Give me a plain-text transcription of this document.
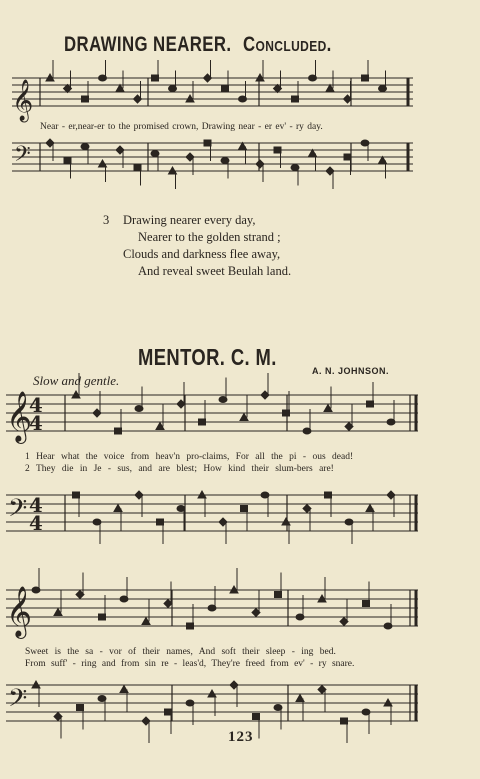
DRAWING NEARER. Concluded.
𝄞
𝄢
𝄞
4
4
𝄢 4
4
𝄞
𝄢
Near - er,near-er to the promised crown, Drawing near - er ev' - ry day.
3 Drawing nearer every day,
Nearer to the golden strand ;
Clouds and darkness flee away,
And reveal sweet Beulah land.
MENTOR. C. M.
A. N. JOHNSON.
Slow and gentle.
1 Hear what the voice from heav'n pro-claims, For all the pi - ous dead!
2 They die in Je - sus, and are blest; How kind their slum-bers are!
Sweet is the sa - vor of their names, And soft their sleep - ing bed.
From suff' - ring and from sin re - leas'd, They're freed from ev' - ry snare.
123
